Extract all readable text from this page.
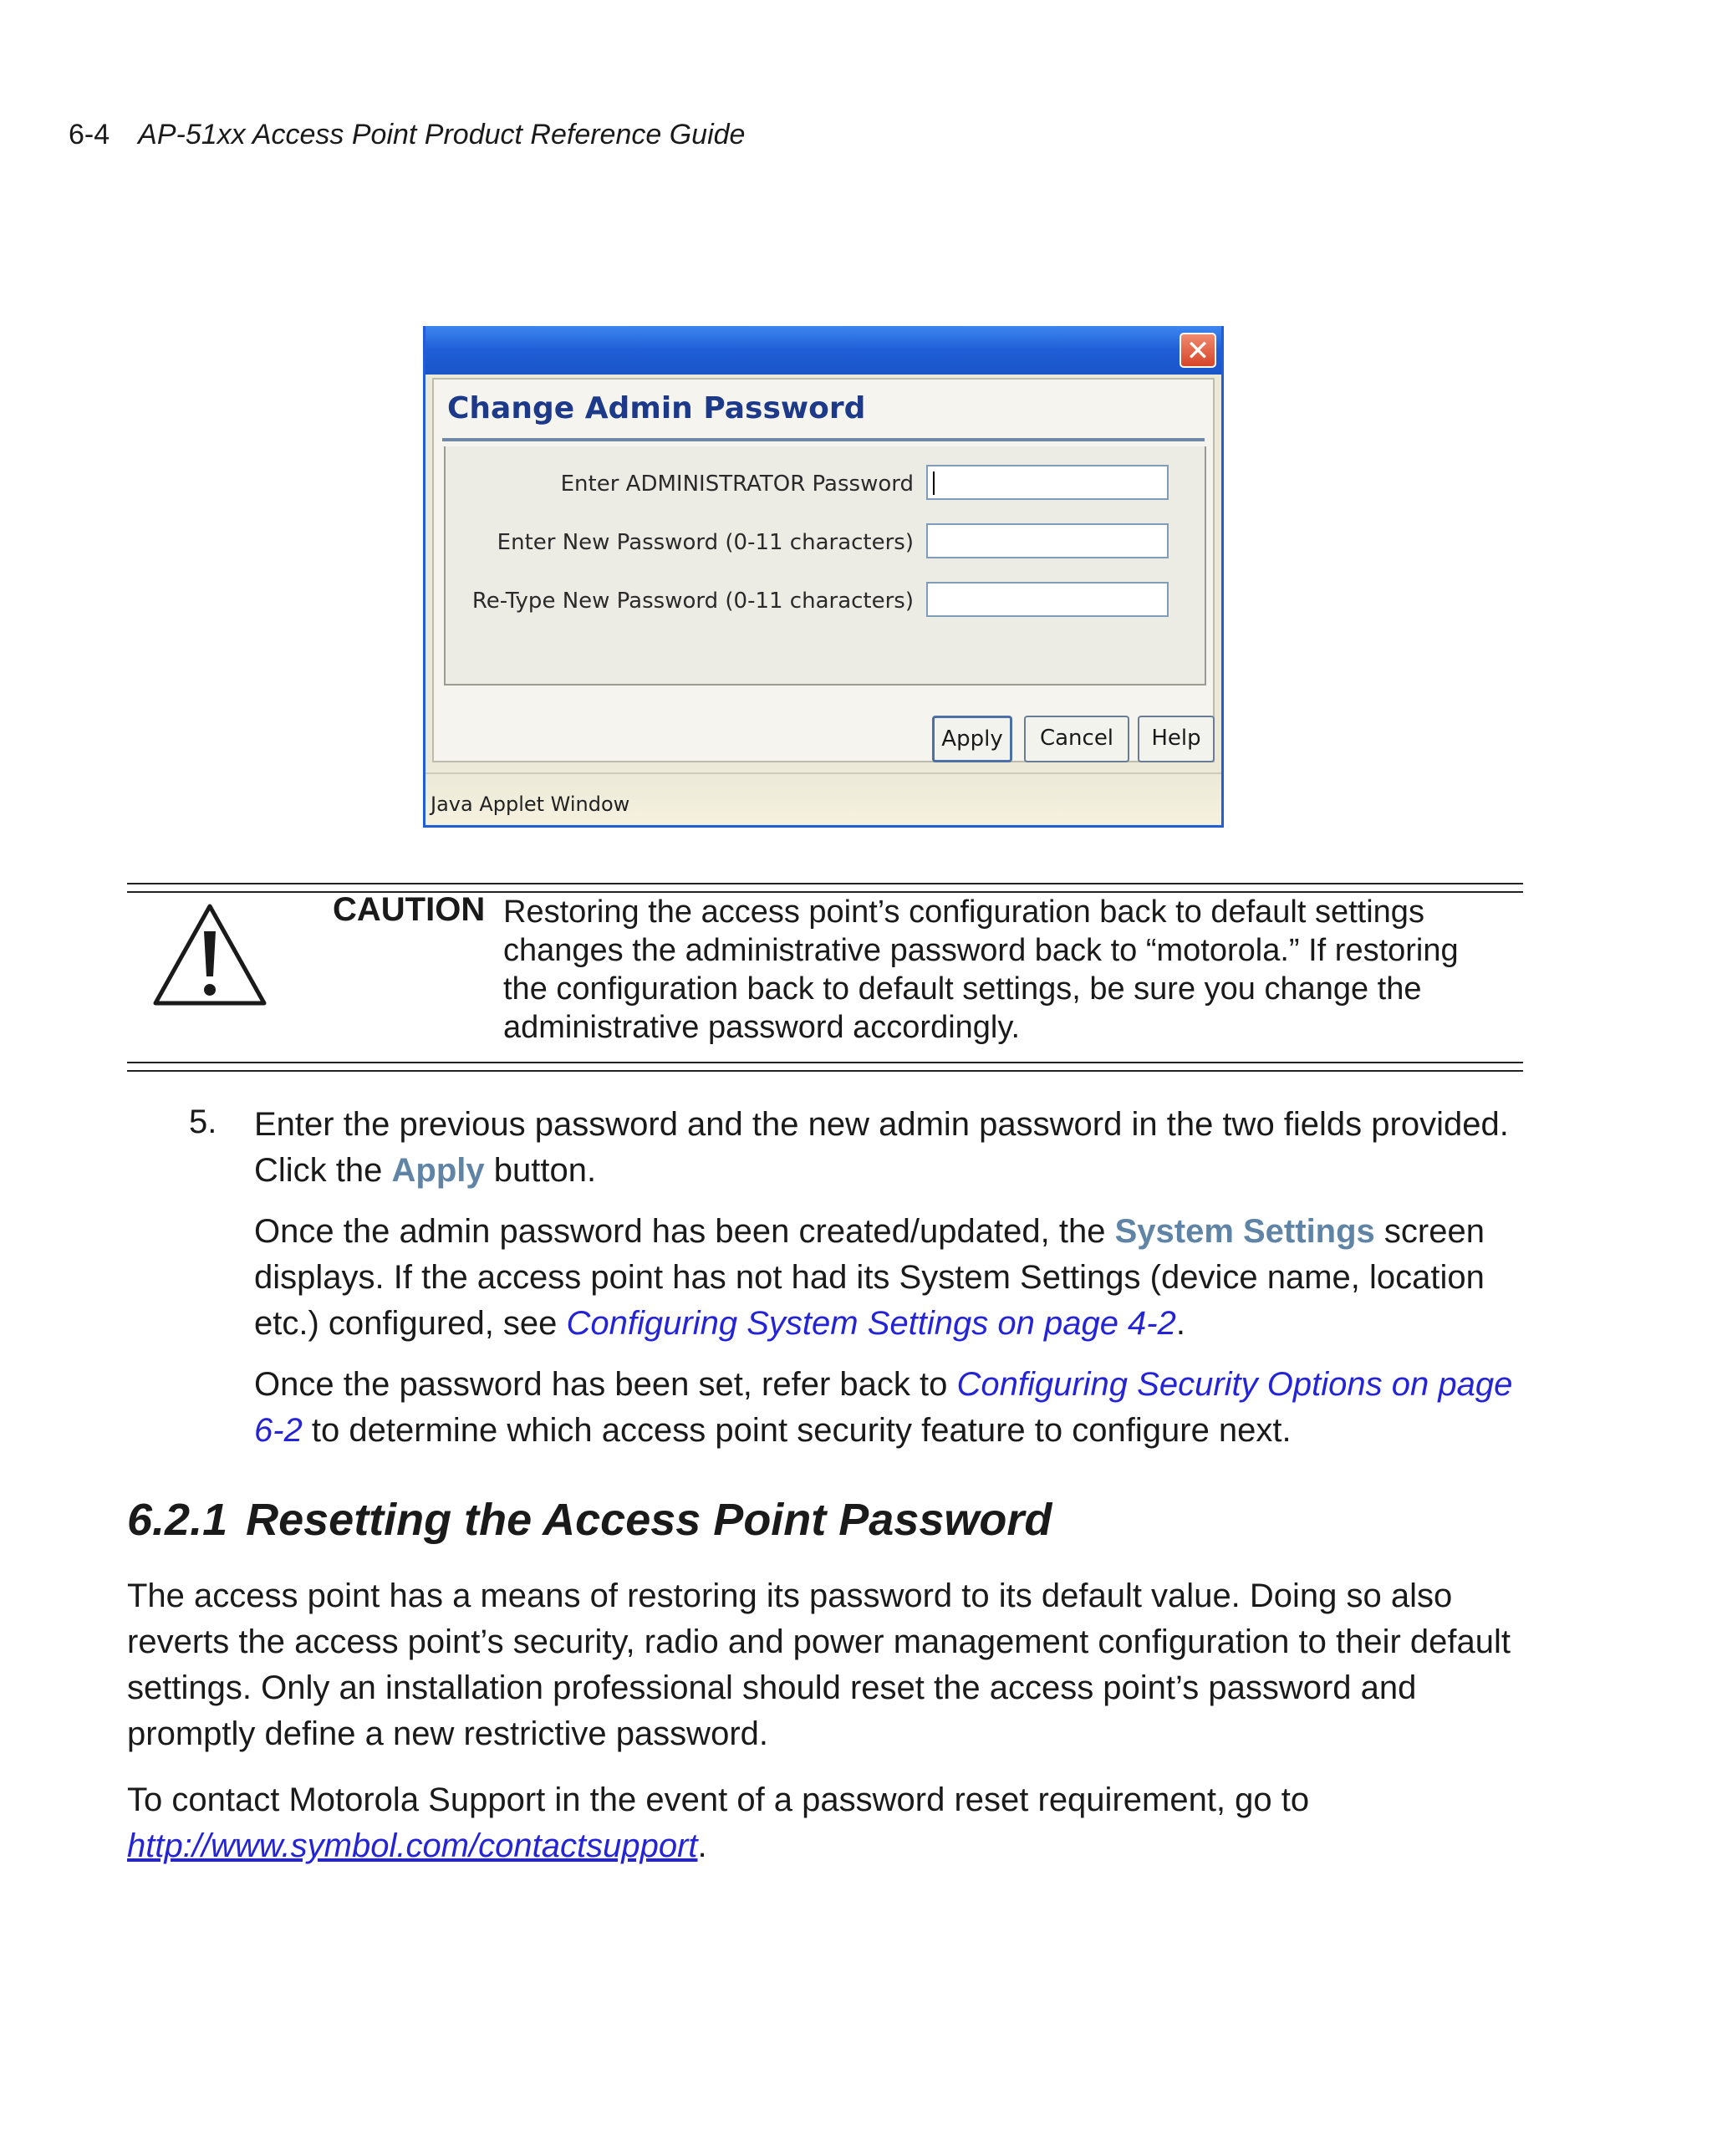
6-4 AP-51xx Access Point Product Reference Guide
✕
Change Admin Password
Enter ADMINISTRATOR Password
Enter New Password (0-11 characters)
Re-Type New Password (0-11 characters)
Apply	Cancel	Help
Java Applet Window
CAUTION Restoring the access point’s configuration back to default settings changes the administrative password back to “motorola.” If restoring the configuration back to default settings, be sure you change the administrative password accordingly.
5. Enter the previous password and the new admin password in the two fields provided. Click the Apply button.
Once the admin password has been created/updated, the System Settings screen displays. If the access point has not had its System Settings (device name, location etc.) configured, see Configuring System Settings on page 4-2.
Once the password has been set, refer back to Configuring Security Options on page 6-2 to determine which access point security feature to configure next.
6.2.1 Resetting the Access Point Password
The access point has a means of restoring its password to its default value. Doing so also reverts the access point’s security, radio and power management configuration to their default settings. Only an installation professional should reset the access point’s password and promptly define a new restrictive password.
To contact Motorola Support in the event of a password reset requirement, go to
http://www.symbol.com/contactsupport.
